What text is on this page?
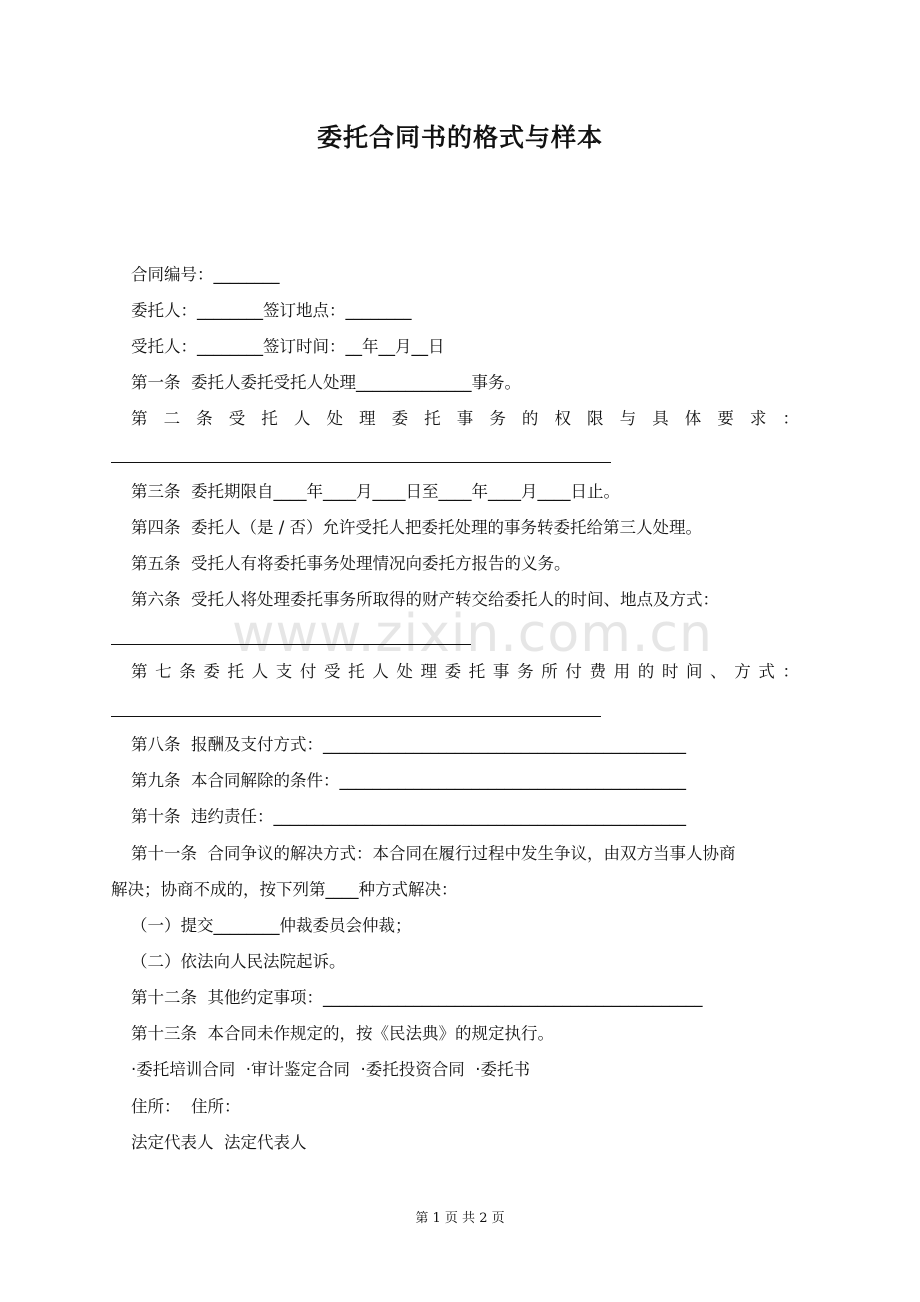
www.zixin.com.cn
委托合同书的格式与样本
合同编号：________
委托人：________签订地点：________
受托人：________签订时间：__年__月__日
第一条  委托人委托受托人处理______________事务。
第 二 条 受 托 人 处 理 委 托 事 务 的 权 限 与 具 体 要 求 ：
第三条  委托期限自____年____月____日至____年____月____日止。
第四条  委托人（是 / 否）允许受托人把委托处理的事务转委托给第三人处理。
第五条  受托人有将委托事务处理情况向委托方报告的义务。
第六条  受托人将处理委托事务所取得的财产转交给委托人的时间、地点及方式：
第 七 条 委 托 人 支 付 受 托 人 处 理 委 托 事 务 所 付 费 用 的 时 间 、 方 式 ：
第八条  报酬及支付方式：____________________________________________
第九条  本合同解除的条件：__________________________________________
第十条  违约责任：__________________________________________________
第十一条  合同争议的解决方式：本合同在履行过程中发生争议，由双方当事人协商
解决；协商不成的，按下列第____种方式解决：
（一）提交________仲裁委员会仲裁；
（二）依法向人民法院起诉。
第十二条  其他约定事项：______________________________________________
第十三条  本合同未作规定的，按《民法典》的规定执行。
·委托培训合同  ·审计鉴定合同  ·委托投资合同  ·委托书
住所：  住所：
法定代表人  法定代表人
第 1 页 共 2 页
